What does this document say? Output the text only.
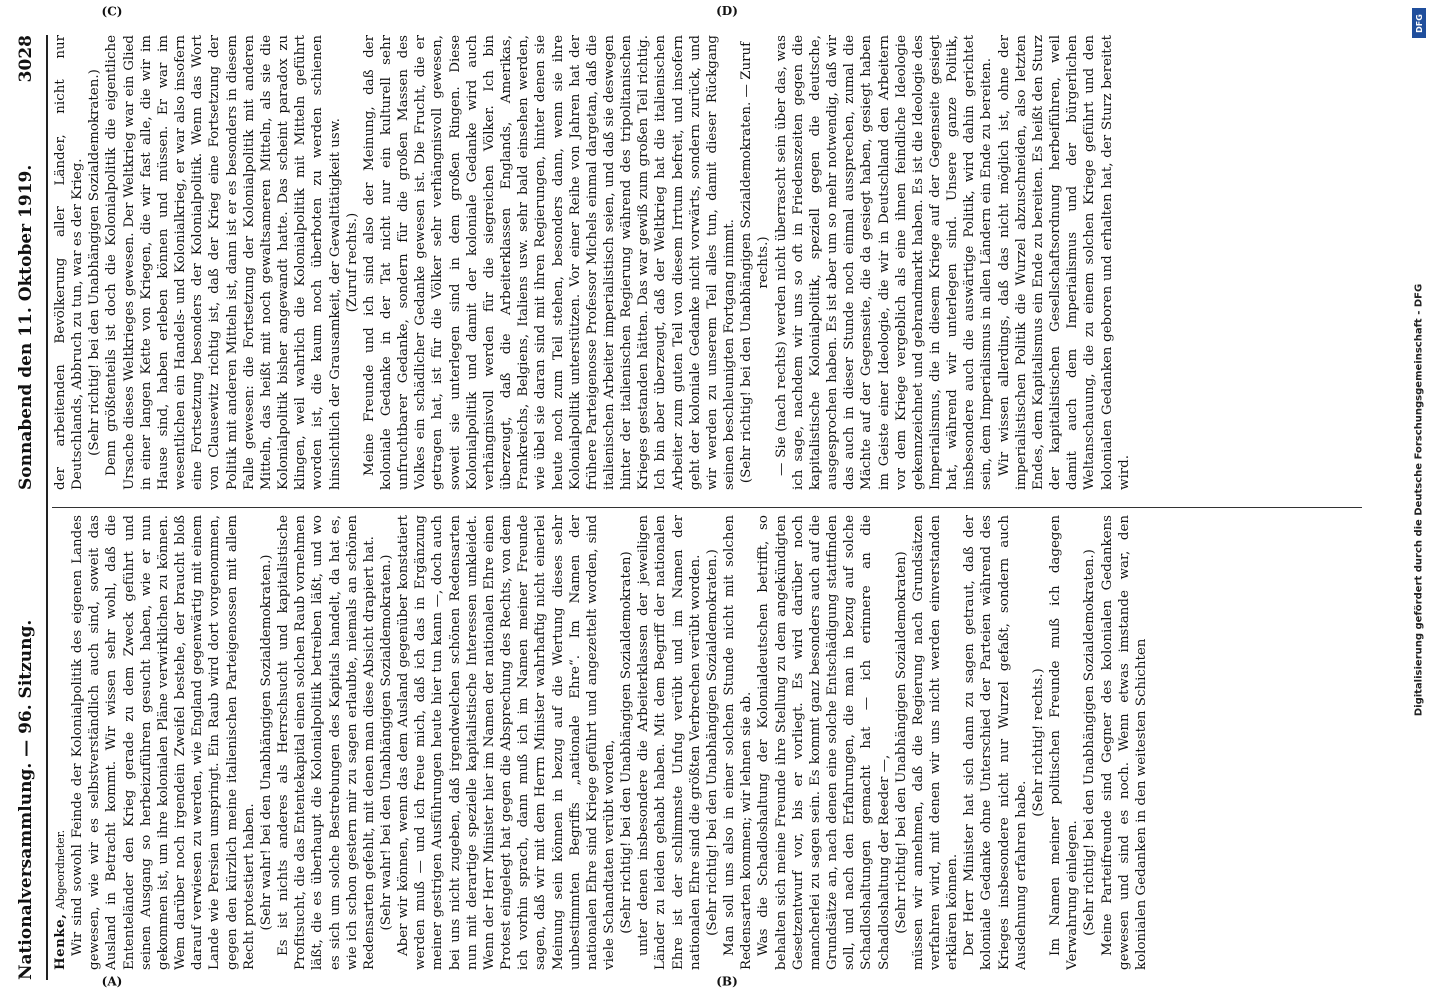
Nationalversammlung. — 96. Sitzung.
Sonnabend den 11. Oktober 1919.
3028
(A)	(B)
(C)	(D)

Henke, Abgeordneter. Wir sind sowohl Feinde der Kolonialpolitik des eigenen Landes gewesen, wie wir es selbstverständlich auch sind, soweit das Ausland in Betracht kommt. Wir wissen sehr wohl, daß die Ententeländer den Krieg gerade zu dem Zweck geführt und seinen Ausgang so herbeizuführen gesucht haben, wie er nun gekommen ist, um ihre kolonialen Pläne verwirklichen zu können. Wem darüber noch irgendein Zweifel bestehe, der braucht bloß darauf verwiesen zu werden, wie England gegenwärtig mit einem Lande wie Persien umspringt. Ein Raub wird dort vorgenommen, gegen den kürzlich meine italienischen Parteigenossen mit allem Recht protestiert haben. (Sehr wahr! bei den Unabhängigen Sozialdemokraten.) Es ist nichts anderes als Herrschsucht und kapitalistische Profitsucht, die das Ententekapital einen solchen Raub vornehmen läßt, die es überhaupt die Kolonialpolitik betreiben läßt, und wo es sich um solche Bestrebungen des Kapitals handelt, da hat es, wie ich schon gestern mir zu sagen erlaubte, niemals an schönen Redensarten gefehlt, mit denen man diese Absicht drapiert hat. (Sehr wahr! bei den Unabhängigen Sozialdemokraten.) Aber wir können, wenn das dem Ausland gegenüber konstatiert werden muß — und ich freue mich, daß ich das in Ergänzung meiner gestrigen Ausführungen heute hier tun kann —, doch auch bei uns nicht zugeben, daß irgendwelchen schönen Redensarten nun mit derartige spezielle kapitalistische Interessen umkleidet. Wenn der Herr Minister hier im Namen der nationalen Ehre einen Protest eingelegt hat gegen die Absprechung des Rechts, von dem ich vorhin sprach, dann muß ich im Namen meiner Freunde sagen, daß wir mit dem Herrn Minister wahrhaftig nicht einerlei Meinung sein können in bezug auf die Wertung dieses sehr unbestimmten Begriffs „nationale Ehre“. Im Namen der nationalen Ehre sind Kriege geführt und angezettelt worden, sind viele Schandtaten verübt worden, (Sehr richtig! bei den Unabhängigen Sozialdemokraten) unter denen insbesondere die Arbeiterklassen der jeweiligen Länder zu leiden gehabt haben. Mit dem Begriff der nationalen Ehre ist der schlimmste Unfug verübt und im Namen der nationalen Ehre sind die größten Verbrechen verübt worden. (Sehr richtig! bei den Unabhängigen Sozialdemokraten.) Man soll uns also in einer solchen Stunde nicht mit solchen Redensarten kommen; wir lehnen sie ab. Was die Schadloshaltung der Kolonialdeutschen betrifft, so behalten sich meine Freunde ihre Stellung zu dem angekündigten Gesetzentwurf vor, bis er vorliegt. Es wird darüber noch mancherlei zu sagen sein. Es kommt ganz besonders auch auf die Grundsätze an, nach denen eine solche Entschädigung stattfinden soll, und nach den Erfahrungen, die man in bezug auf solche Schadloshaltungen gemacht hat — ich erinnere an die Schadloshaltung der Reeder —, (Sehr richtig! bei den Unabhängigen Sozialdemokraten) müssen wir annehmen, daß die Regierung nach Grundsätzen verfahren wird, mit denen wir uns nicht werden einverstanden erklären können. Der Herr Minister hat sich dann zu sagen getraut, daß der koloniale Gedanke ohne Unterschied der Parteien während des Krieges insbesondere nicht nur Wurzel gefaßt, sondern auch Ausdehnung erfahren habe.

(Sehr richtig! rechts.) Im Namen meiner politischen Freunde muß ich dagegen Verwahrung einlegen. (Sehr richtig! bei den Unabhängigen Sozialdemokraten.) Meine Parteifreunde sind Gegner des kolonialen Gedankens gewesen und sind es noch. Wenn etwas imstande war, den kolonialen Gedanken in den weitesten Schichten

der arbeitenden Bevölkerung aller Länder, nicht nur Deutschlands, Abbruch zu tun, war es der Krieg. (Sehr richtig! bei den Unabhängigen Sozialdemokraten.) Denn größtenteils ist doch die Kolonialpolitik die eigentliche Ursache dieses Weltkrieges gewesen. Der Weltkrieg war ein Glied in einer langen Kette von Kriegen, die wir fast alle, die wir im Hause sind, haben erleben können und müssen. Er war im wesentlichen ein Handels- und Kolonialkrieg, er war also insofern eine Fortsetzung besonders der Kolonialpolitik. Wenn das Wort von Clausewitz richtig ist, daß der Krieg eine Fortsetzung der Politik mit anderen Mitteln ist, dann ist er es besonders in diesem Falle gewesen: die Fortsetzung der Kolonialpolitik mit anderen Mitteln, das heißt mit noch gewaltsameren Mitteln, als sie die Kolonialpolitik bisher angewandt hatte. Das scheint paradox zu klingen, weil wahrlich die Kolonialpolitik mit Mitteln geführt worden ist, die kaum noch überboten zu werden schienen hinsichtlich der Grausamkeit, der Gewalttätigkeit usw. (Zuruf rechts.) Meine Freunde und ich sind also der Meinung, daß der koloniale Gedanke in der Tat nicht nur ein kulturell sehr unfruchtbarer Gedanke, sondern für die großen Massen des Volkes ein schädlicher Gedanke gewesen ist. Die Frucht, die er getragen hat, ist für die Völker sehr verhängnisvoll gewesen, soweit sie unterlegen sind in dem großen Ringen. Diese Kolonialpolitik und damit der koloniale Gedanke wird auch verhängnisvoll werden für die siegreichen Völker. Ich bin überzeugt, daß die Arbeiterklassen Englands, Amerikas, Frankreichs, Belgiens, Italiens usw. sehr bald einsehen werden, wie übel sie daran sind mit ihren Regierungen, hinter denen sie heute noch zum Teil stehen, besonders dann, wenn sie ihre Kolonialpolitik unterstützen. Vor einer Reihe von Jahren hat der frühere Parteigenosse Professor Michels einmal dargetan, daß die italienischen Arbeiter imperialistisch seien, und daß sie deswegen hinter der italienischen Regierung während des tripolitanischen Krieges gestanden hätten. Das war gewiß zum großen Teil richtig. Ich bin aber überzeugt, daß der Weltkrieg hat die italienischen Arbeiter zum guten Teil von diesem Irrtum befreit, und insofern geht der koloniale Gedanke nicht vorwärts, sondern zurück, und wir werden zu unserem Teil alles tun, damit dieser Rückgang seinen beschleunigten Fortgang nimmt. (Sehr richtig! bei den Unabhängigen Sozialdemokraten. — Zuruf rechts.) — Sie (nach rechts) werden nicht überrascht sein über das, was ich sage, nachdem wir uns so oft in Friedenszeiten gegen die kapitalistische Kolonialpolitik, speziell gegen die deutsche, ausgesprochen haben. Es ist aber um so mehr notwendig, daß wir das auch in dieser Stunde noch einmal aussprechen, zumal die Mächte auf der Gegenseite, die da gesiegt haben, gesiegt haben im Geiste einer Ideologie, die wir in Deutschland den Arbeitern vor dem Kriege vergeblich als eine ihnen feindliche Ideologie gekennzeichnet und gebrandmarkt haben. Es ist die Ideologie des Imperialismus, die in diesem Kriege auf der Gegenseite gesiegt hat, während wir unterlegen sind. Unsere ganze Politik, insbesondere auch die auswärtige Politik, wird dahin gerichtet sein, dem Imperialismus in allen Ländern ein Ende zu bereiten. Wir wissen allerdings, daß das nicht möglich ist, ohne der imperialistischen Politik die Wurzel abzuschneiden, also letzten Endes, dem Kapitalismus ein Ende zu bereiten. Es heißt den Sturz der kapitalistischen Gesellschaftsordnung herbeiführen, weil damit auch dem Imperialismus und der bürgerlichen Weltanschauung, die zu einem solchen Kriege geführt und den kolonialen Gedanken geboren und erhalten hat, der Sturz bereitet wird.

DFG
Digitalisierung gefördert durch die Deutsche Forschungsgemeinschaft - DFG
